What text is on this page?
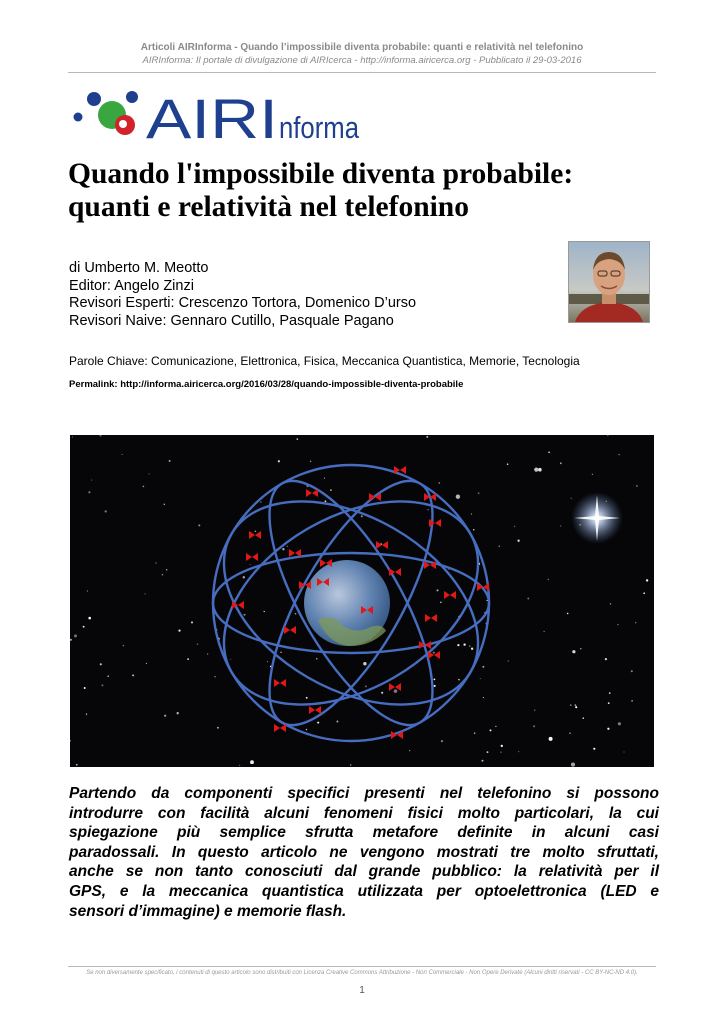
Articoli AIRInforma - Quando l’impossibile diventa probabile: quanti e relatività nel telefonino
AIRInforma: Il portale di divulgazione di AIRIcerca - http://informa.airicerca.org - Pubblicato il 29-03-2016
AIRI nforma
Quando l'impossibile diventa probabile:
quanti e relatività nel telefonino
di Umberto M. Meotto
Editor: Angelo Zinzi
Revisori Esperti: Crescenzo Tortora, Domenico D’urso
Revisori Naive: Gennaro Cutillo, Pasquale Pagano
Parole Chiave: Comunicazione, Elettronica, Fisica, Meccanica Quantistica, Memorie, Tecnologia
Permalink: http://informa.airicerca.org/2016/03/28/quando-impossible-diventa-probabile
Partendo da componenti specifici presenti nel telefonino si possono
introdurre con facilità alcuni fenomeni fisici molto particolari, la cui
spiegazione più semplice sfrutta metafore definite in alcuni casi
paradossali. In questo articolo ne vengono mostrati tre molto sfruttati,
anche se non tanto conosciuti dal grande pubblico: la relatività per il
GPS, e la meccanica quantistica utilizzata per optoelettronica (LED e
sensori d’immagine) e memorie flash.
Se non diversamente specificato, i contenuti di questo articolo sono distribuiti con Licenza Creative Commons Attribuzione - Non Commerciale - Non Opere Derivate (Alcuni diritti riservati - CC BY-NC-ND 4.0).
1
